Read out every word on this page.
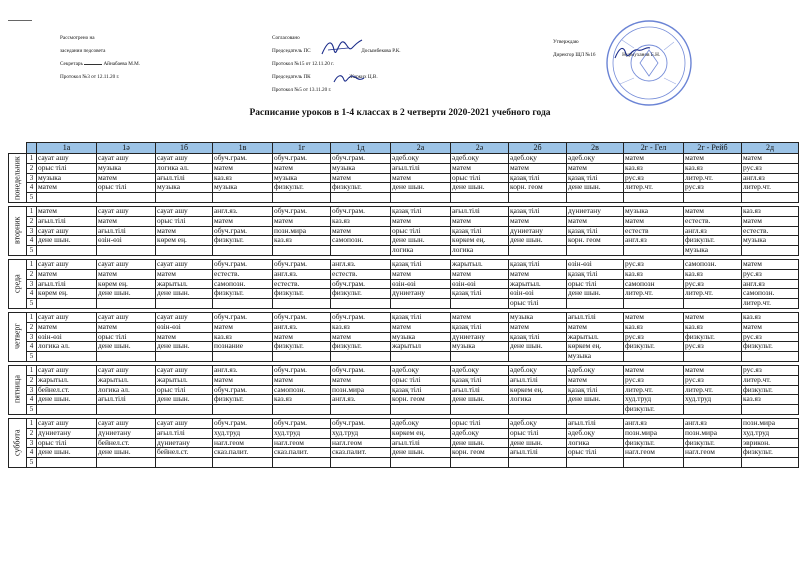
Рассмотрено на
заседании педсовета
Секретарь	Айнабаева М.М.
Протокол №3 от 12.11.20 г.
Согласовано
Председатель ПС	Досымбекова Р.К.
Протокол №15 от 12.11.20 г.
Председатель ПК	Жарких Ц.В.
Протокол №5 от 13.11.20 г.
Утверждаю
Директор ЩЛ №16	Нурмуханов Б.Н.
Расписание уроков в 1-4 классах в 2 четверти 2020-2021 учебного года
		1а	1ә	1б	1в	1г	1д	2а	2ә	2б	2в	2г - Гел	2г - Рейб	2д
понедельник	1	сауат ашу	сауат ашу	сауат ашу	обуч.грам.	обуч.грам.	обуч.грам.	әдеб.оқу	әдеб.оқу	әдеб.оқу	әдеб.оқу	матем	матем	матем
	2	орыс тілі	музыка	логика əл.	матем	матем	музыка	ағыл.тілі	матем	матем	матем	каз.яз	каз.яз	рус.яз
	3	музыка	матем	ағыл.тілі	каз.яз	музыка	матем	матем	орыс тілі	қазақ тілі	қазақ тілі	рус.яз	литер.чт.	англ.яз
	4	матем	орыс тілі	музыка	музыка	физкульт.	физкульт.	дене шын.	дене шын.	корн. геом	дене шын.	литер.чт.	рус.яз	литер.чт.
	5													

вторник	1	матем	сауат ашу	сауат ашу	англ.яз.	обуч.грам.	обуч.грам.	қазақ тілі	ағыл.тілі	қазақ тілі	дүниетану	музыка	матем	каз.яз
	2	ағыл.тілі	матем	орыс тілі	матем	матем	каз.яз	матем	матем	матем	матем	матем	естеств.	матем
	3	сауат ашу	ағыл.тілі	матем	обуч.грам.	позн.мира	матем	орыс тілі	қазақ тілі	дүниетану	қазақ тілі	естеств	англ.яз	естеств.
	4	дене шын.	өзін-өзі	көрем ең.	физкульт.	каз.яз	самопозн.	дене шын.	көркем ең.	дене шын.	корн. геом	англ.яз	физкульт.	музыка
	5							логика	логика				музыка	

среда	1	сауат ашу	сауат ашу	сауат ашу	обуч.грам.	обуч.грам.	англ.яз.	қазақ тілі	жарытыл.	қазақ тілі	өзін-өзі	рус.яз	самопозн.	матем
	2	матем	матем	матем	естеств.	англ.яз.	естеств.	матем	матем	матем	қазақ тілі	каз.яз	каз.яз	рус.яз
	3	ағыл.тілі	көрем ең.	жарытыл.	самопозн.	естеств.	обуч.грам.	өзін-өзі	өзін-өзі	жарытыл.	орыс тілі	самопозн	рус.яз	англ.яз
	4	көрем ең.	дене шын.	дене шын.	физкульт.	физкульт.	физкульт.	дүниетану	қазақ тілі	өзін-өзі	дене шын.	литер.чт.	литер.чт.	самопозн.
	5									орыс тілі				литер.чт.

четверг	1	сауат ашу	сауат ашу	сауат ашу	обуч.грам.	обуч.грам.	обуч.грам.	қазақ тілі	матем	музыка	ағыл.тілі	матем	матем	каз.яз
	2	матем	матем	өзін-өзі	матем	англ.яз.	каз.яз	матем	қазақ тілі	матем	матем	каз.яз	каз.яз	матем
	3	өзін-өзі	орыс тілі	матем	каз.яз	матем	матем	музыка	дүниетану	қазақ тілі	жарытыл.	рус.яз	физкульт.	рус.яз
	4	логика əл.	дене шын.	дене шын.	познание	физкульт.	физкульт.	жарытыл	музыка	дене шын.	көркем ең.	физкульт.	рус.яз	физкульт.
	5										музыка			

пятница	1	сауат ашу	сауат ашу	сауат ашу	англ.яз.	обуч.грам.	обуч.грам.	әдеб.оқу	әдеб.оқу	әдеб.оқу	әдеб.оқу	матем	матем	рус.яз
	2	жарытыл.	жарытыл.	жарытыл.	матем	матем	матем	орыс тілі	қазақ тілі	ағыл.тілі	матем	рус.яз	рус.яз	литер.чт.
	3	бейнел.ст.	логика əл.	орыс тілі	обуч.грам.	самопозн.	позн.мира	қазақ тілі	ағыл.тілі	көркем ең.	қазақ тілі	литер.чт.	литер.чт.	физкульт.
	4	дене шын.	ағыл.тілі	дене шын.	физкульт.	каз.яз	англ.яз.	корн. геом	дене шын.	логика	дене шын.	худ.труд	худ.труд	каз.яз
	5											физкульт.		

суббота	1	сауат ашу	сауат ашу	сауат ашу	обуч.грам.	обуч.грам.	обуч.грам.	әдеб.оқу	орыс тілі	әдеб.оқу	ағыл.тілі	англ.яз	англ.яз	позн.мира
	2	дүниетану	дүниетану	ағыл.тілі	худ.труд	худ.труд	худ.труд	көркем ең.	әдеб.оқу	орыс тілі	әдеб.оқу	позн.мира	позн.мира	худ.труд
	3	орыс тілі	бейнел.ст.	дүниетану	нагл.геом	нагл.геом	нагл.геом	ағыл.тілі	дене шын.	дене шын.	логика	физкульт.	физкульт.	эврикон.
	4	дене шын.	дене шын.	бейнел.ст.	сказ.палит.	сказ.палит.	сказ.палит.	дене шын.	корн. геом	ағыл.тілі	орыс тілі	нагл.геом	нагл.геом	физкульт.
	5													
